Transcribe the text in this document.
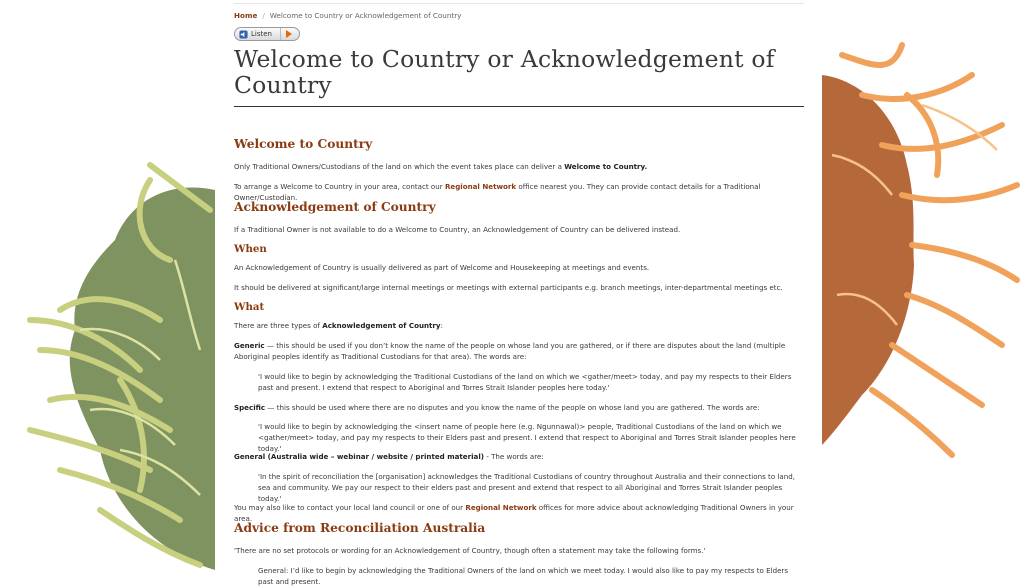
Home / Welcome to Country or Acknowledgement of Country
Listen
Welcome to Country or Acknowledgement of Country
Welcome to Country
Only Traditional Owners/Custodians of the land on which the event takes place can deliver a Welcome to Country.
To arrange a Welcome to Country in your area, contact our Regional Network office nearest you. They can provide contact details for a Traditional Owner/Custodian.
Acknowledgement of Country
If a Traditional Owner is not available to do a Welcome to Country, an Acknowledgement of Country can be delivered instead.
When
An Acknowledgement of Country is usually delivered as part of Welcome and Housekeeping at meetings and events.
It should be delivered at significant/large internal meetings or meetings with external participants e.g. branch meetings, inter-departmental meetings etc.
What
There are three types of Acknowledgement of Country:
Generic — this should be used if you don’t know the name of the people on whose land you are gathered, or if there are disputes about the land (multiple Aboriginal peoples identify as Traditional Custodians for that area). The words are:
'I would like to begin by acknowledging the Traditional Custodians of the land on which we <gather/meet> today, and pay my respects to their Elders past and present. I extend that respect to Aboriginal and Torres Strait Islander peoples here today.'
Specific — this should be used where there are no disputes and you know the name of the people on whose land you are gathered. The words are:
'I would like to begin by acknowledging the <insert name of people here (e.g. Ngunnawal)> people, Traditional Custodians of the land on which we <gather/meet> today, and pay my respects to their Elders past and present. I extend that respect to Aboriginal and Torres Strait Islander peoples here today.'
General (Australia wide – webinar / website / printed material) - The words are:
'In the spirit of reconciliation the [organisation] acknowledges the Traditional Custodians of country throughout Australia and their connections to land, sea and community. We pay our respect to their elders past and present and extend that respect to all Aboriginal and Torres Strait Islander peoples today.'
You may also like to contact your local land council or one of our Regional Network offices for more advice about acknowledging Traditional Owners in your area.
Advice from Reconciliation Australia
'There are no set protocols or wording for an Acknowledgement of Country, though often a statement may take the following forms.'
General: I’d like to begin by acknowledging the Traditional Owners of the land on which we meet today. I would also like to pay my respects to Elders past and present.
